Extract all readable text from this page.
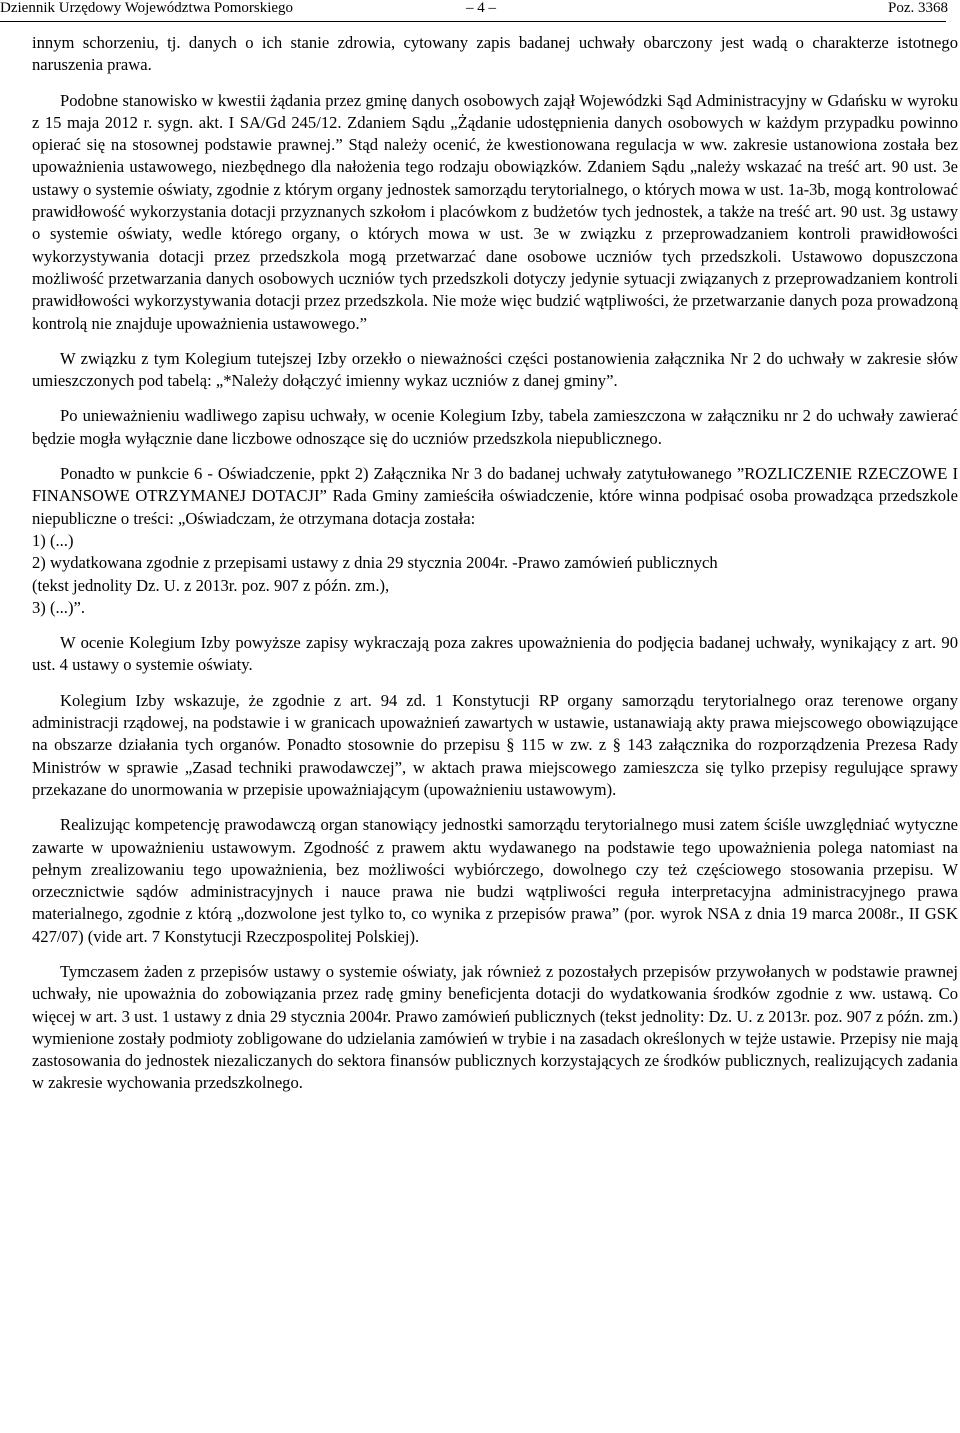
Dziennik Urzędowy Województwa Pomorskiego	– 4 –	Poz. 3368

innym schorzeniu, tj. danych o ich stanie zdrowia, cytowany zapis badanej uchwały obarczony jest wadą o charakterze istotnego naruszenia prawa.

Podobne stanowisko w kwestii żądania przez gminę danych osobowych zajął Wojewódzki Sąd Administracyjny w Gdańsku w wyroku z 15 maja 2012 r. sygn. akt. I SA/Gd 245/12. Zdaniem Sądu „Żądanie udostępnienia danych osobowych w każdym przypadku powinno opierać się na stosownej podstawie prawnej.” Stąd należy ocenić, że kwestionowana regulacja w ww. zakresie ustanowiona została bez upoważnienia ustawowego, niezbędnego dla nałożenia tego rodzaju obowiązków. Zdaniem Sądu „należy wskazać na treść art. 90 ust. 3e ustawy o systemie oświaty, zgodnie z którym organy jednostek samorządu terytorialnego, o których mowa w ust. 1a-3b, mogą kontrolować prawidłowość wykorzystania dotacji przyznanych szkołom i placówkom z budżetów tych jednostek, a także na treść art. 90 ust. 3g ustawy o systemie oświaty, wedle którego organy, o których mowa w ust. 3e w związku z przeprowadzaniem kontroli prawidłowości wykorzystywania dotacji przez przedszkola mogą przetwarzać dane osobowe uczniów tych przedszkoli. Ustawowo dopuszczona możliwość przetwarzania danych osobowych uczniów tych przedszkoli dotyczy jedynie sytuacji związanych z przeprowadzaniem kontroli prawidłowości wykorzystywania dotacji przez przedszkola. Nie może więc budzić wątpliwości, że przetwarzanie danych poza prowadzoną kontrolą nie znajduje upoważnienia ustawowego.”

W związku z tym Kolegium tutejszej Izby orzekło o nieważności części postanowienia załącznika Nr 2 do uchwały w zakresie słów umieszczonych pod tabelą: „*Należy dołączyć imienny wykaz uczniów z danej gminy”.

Po unieważnieniu wadliwego zapisu uchwały, w ocenie Kolegium Izby, tabela zamieszczona w załączniku nr 2 do uchwały zawierać będzie mogła wyłącznie dane liczbowe odnoszące się do uczniów przedszkola niepublicznego.

Ponadto w punkcie 6 - Oświadczenie, ppkt 2) Załącznika Nr 3 do badanej uchwały zatytułowanego ”ROZLICZENIE RZECZOWE I FINANSOWE OTRZYMANEJ DOTACJI” Rada Gminy zamieściła oświadczenie, które winna podpisać osoba prowadząca przedszkole niepubliczne o treści: „Oświadczam, że otrzymana dotacja została:

1) (...)
2) wydatkowana zgodnie z przepisami ustawy z dnia 29 stycznia 2004r. -Prawo zamówień publicznych
(tekst jednolity Dz. U. z 2013r. poz. 907 z późn. zm.),
3) (...)”.

W ocenie Kolegium Izby powyższe zapisy wykraczają poza zakres upoważnienia do podjęcia badanej uchwały, wynikający z art. 90 ust. 4 ustawy o systemie oświaty.

Kolegium Izby wskazuje, że zgodnie z art. 94 zd. 1 Konstytucji RP organy samorządu terytorialnego oraz terenowe organy administracji rządowej, na podstawie i w granicach upoważnień zawartych w ustawie, ustanawiają akty prawa miejscowego obowiązujące na obszarze działania tych organów. Ponadto stosownie do przepisu § 115 w zw. z § 143 załącznika do rozporządzenia Prezesa Rady Ministrów w sprawie „Zasad techniki prawodawczej”, w aktach prawa miejscowego zamieszcza się tylko przepisy regulujące sprawy przekazane do unormowania w przepisie upoważniającym (upoważnieniu ustawowym).

Realizując kompetencję prawodawczą organ stanowiący jednostki samorządu terytorialnego musi zatem ściśle uwzględniać wytyczne zawarte w upoważnieniu ustawowym. Zgodność z prawem aktu wydawanego na podstawie tego upoważnienia polega natomiast na pełnym zrealizowaniu tego upoważnienia, bez możliwości wybiórczego, dowolnego czy też częściowego stosowania przepisu. W orzecznictwie sądów administracyjnych i nauce prawa nie budzi wątpliwości reguła interpretacyjna administracyjnego prawa materialnego, zgodnie z którą „dozwolone jest tylko to, co wynika z przepisów prawa” (por. wyrok NSA z dnia 19 marca 2008r., II GSK 427/07) (vide art. 7 Konstytucji Rzeczpospolitej Polskiej).

Tymczasem żaden z przepisów ustawy o systemie oświaty, jak również z pozostałych przepisów przywołanych w podstawie prawnej uchwały, nie upoważnia do zobowiązania przez radę gminy beneficjenta dotacji do wydatkowania środków zgodnie z ww. ustawą. Co więcej w art. 3 ust. 1 ustawy z dnia 29 stycznia 2004r. Prawo zamówień publicznych (tekst jednolity: Dz. U. z 2013r. poz. 907 z późn. zm.) wymienione zostały podmioty zobligowane do udzielania zamówień w trybie i na zasadach określonych w tejże ustawie. Przepisy nie mają zastosowania do jednostek niezaliczanych do sektora finansów publicznych korzystających ze środków publicznych, realizujących zadania w zakresie wychowania przedszkolnego.
